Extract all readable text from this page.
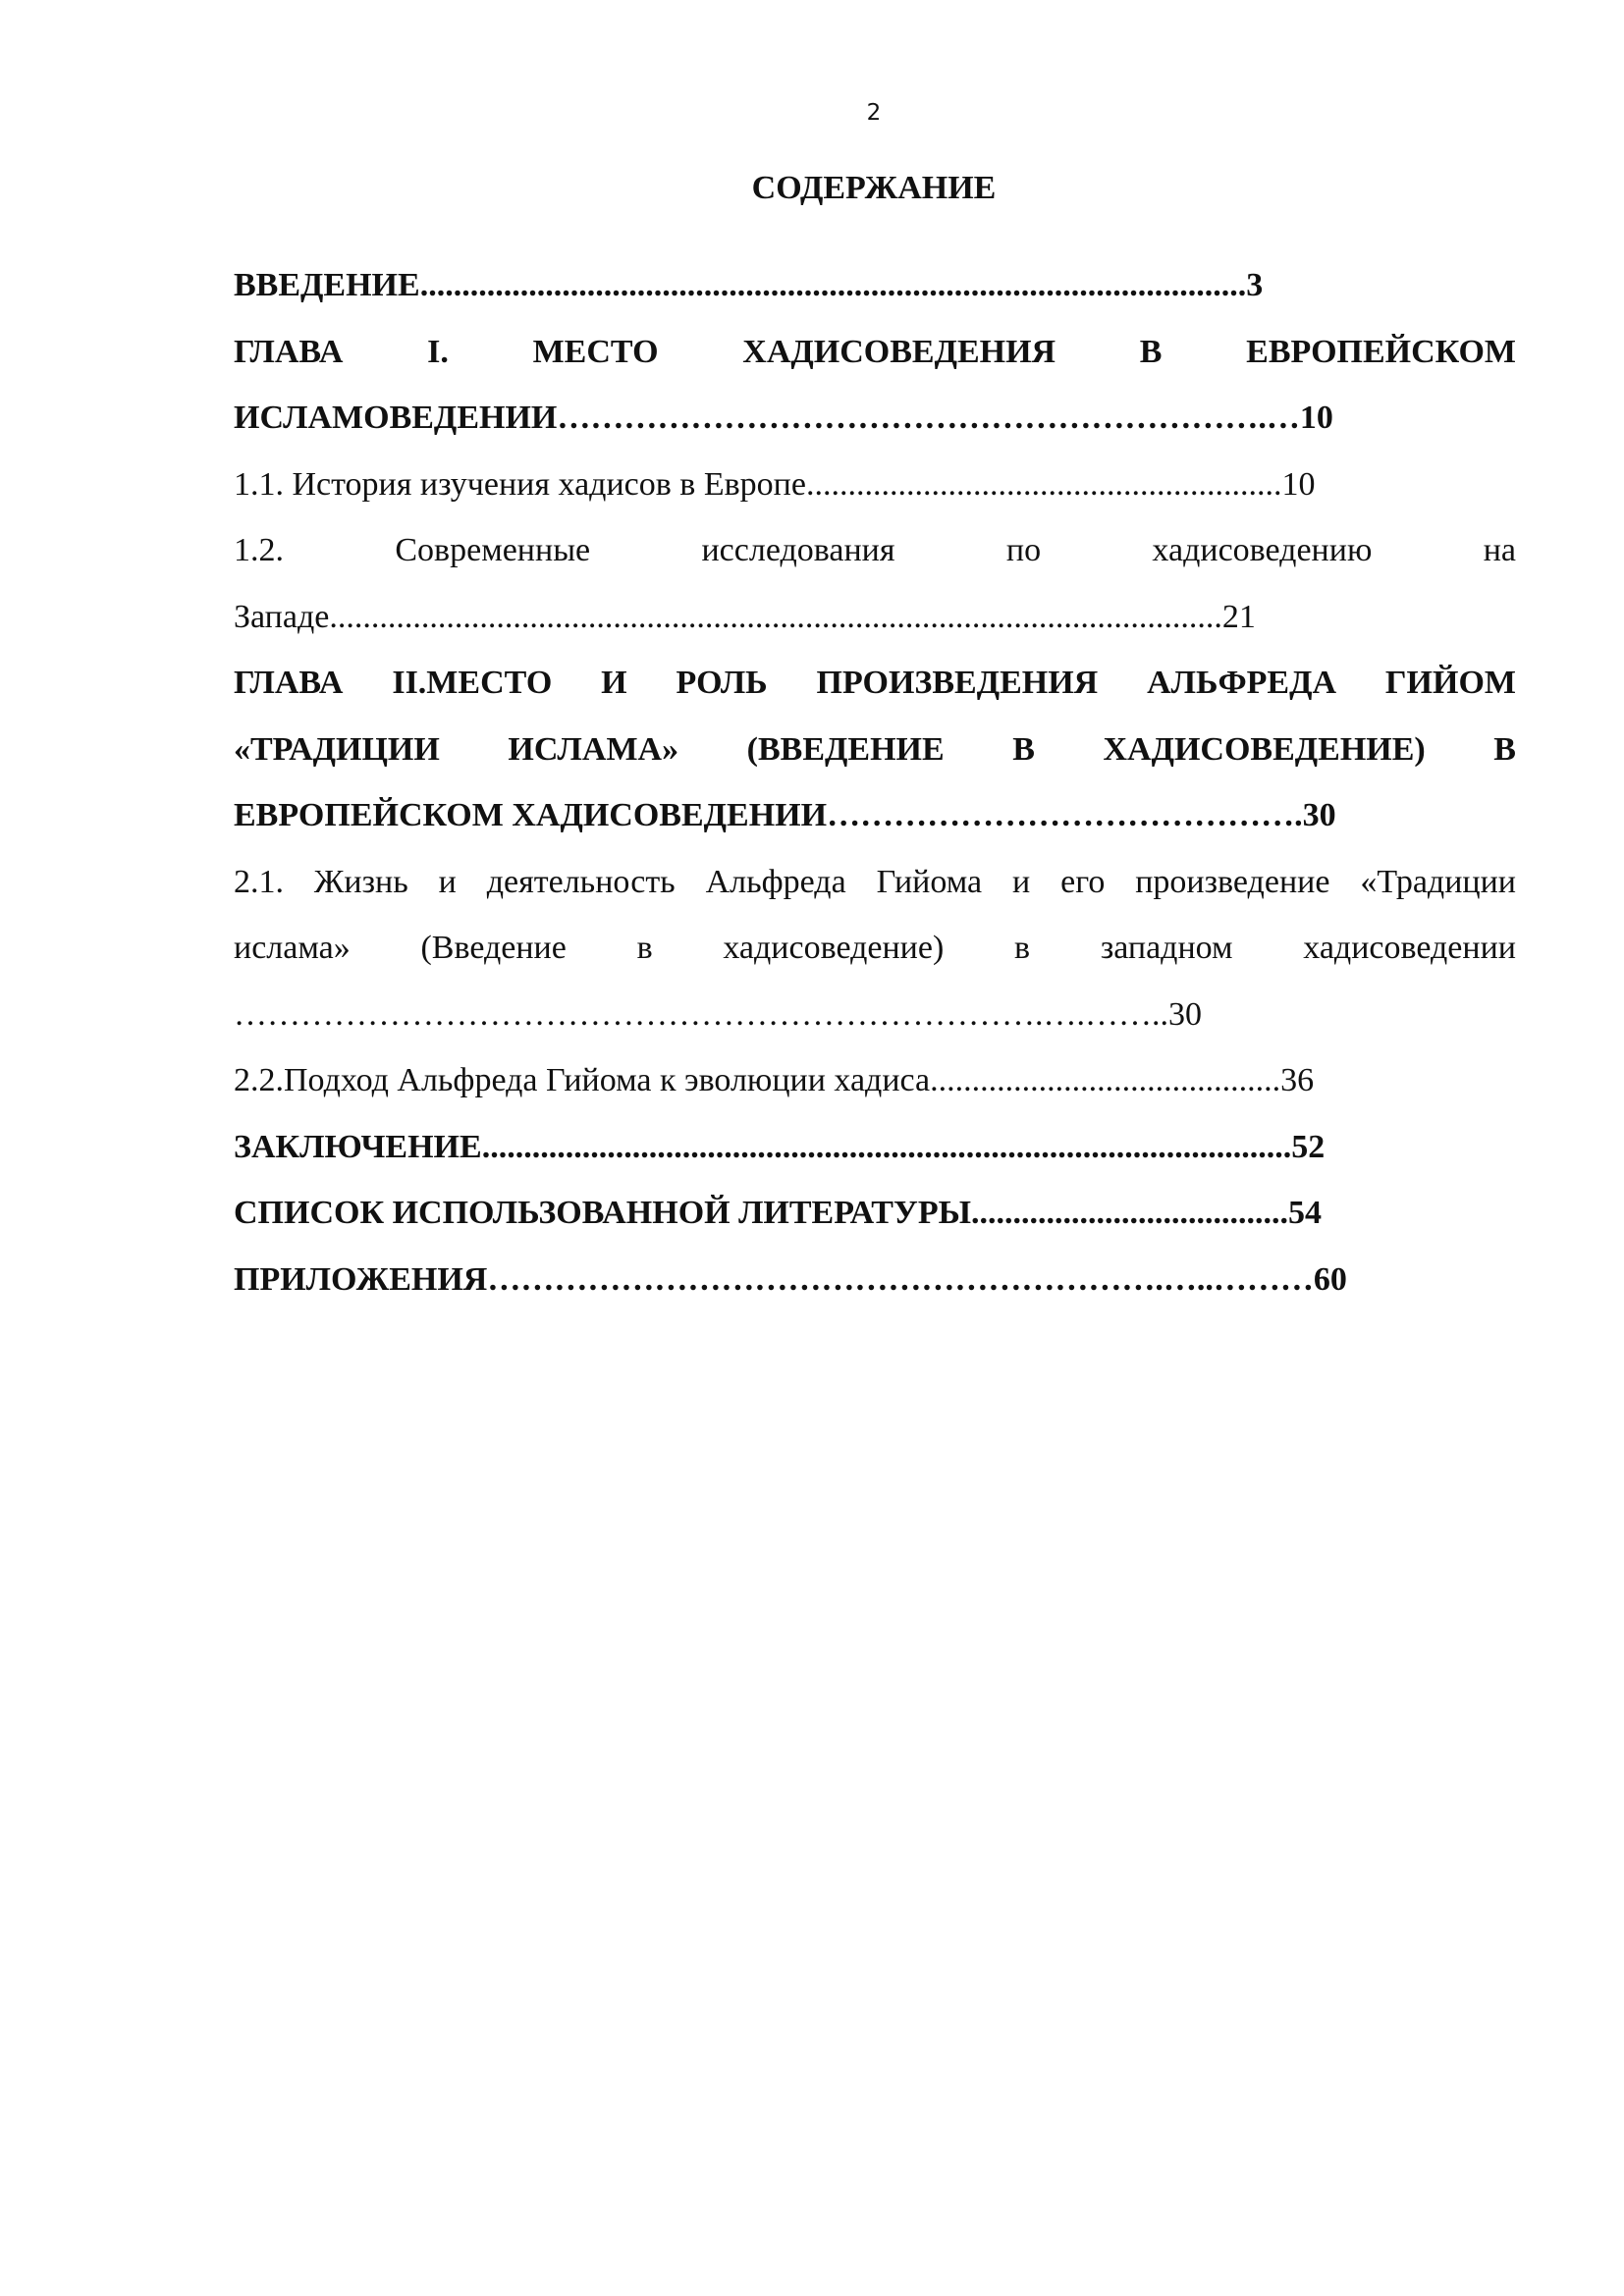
2
СОДЕРЖАНИЕ
ВВЕДЕНИЕ ................................................................................................... 3
ГЛАВА I. МЕСТО ХАДИСОВЕДЕНИЯ В ЕВРОПЕЙСКОМ
ИСЛАМОВЕДЕНИИ ……………………………………………………….… 10
1.1. История изучения хадисов в Европе ......................................................... 10
1.2. Современные исследования по хадисоведению на
Западе ........................................................................................................... 21
ГЛАВА II.МЕСТО И РОЛЬ ПРОИЗВЕДЕНИЯ АЛЬФРЕДА ГИЙОМ
«ТРАДИЦИИ ИСЛАМА» (ВВЕДЕНИЕ В ХАДИСОВЕДЕНИЕ) В
ЕВРОПЕЙСКОМ ХАДИСОВЕДЕНИИ …………………………………… .30
2.1. Жизнь и деятельность Альфреда Гийома и его произведение «Традиции
ислама» (Введение в хадисоведение) в западном хадисоведении
……………………………………………………………….….…….. 30
2.2.Подход Альфреда Гийома к эволюции хадиса .......................................... 36
ЗАКЛЮЧЕНИЕ ................................................................................................. 52
СПИСОК ИСПОЛЬЗОВАННОЙ ЛИТЕРАТУРЫ ...................................... 54
ПРИЛОЖЕНИЯ …………………………………………………….…..……… 60
